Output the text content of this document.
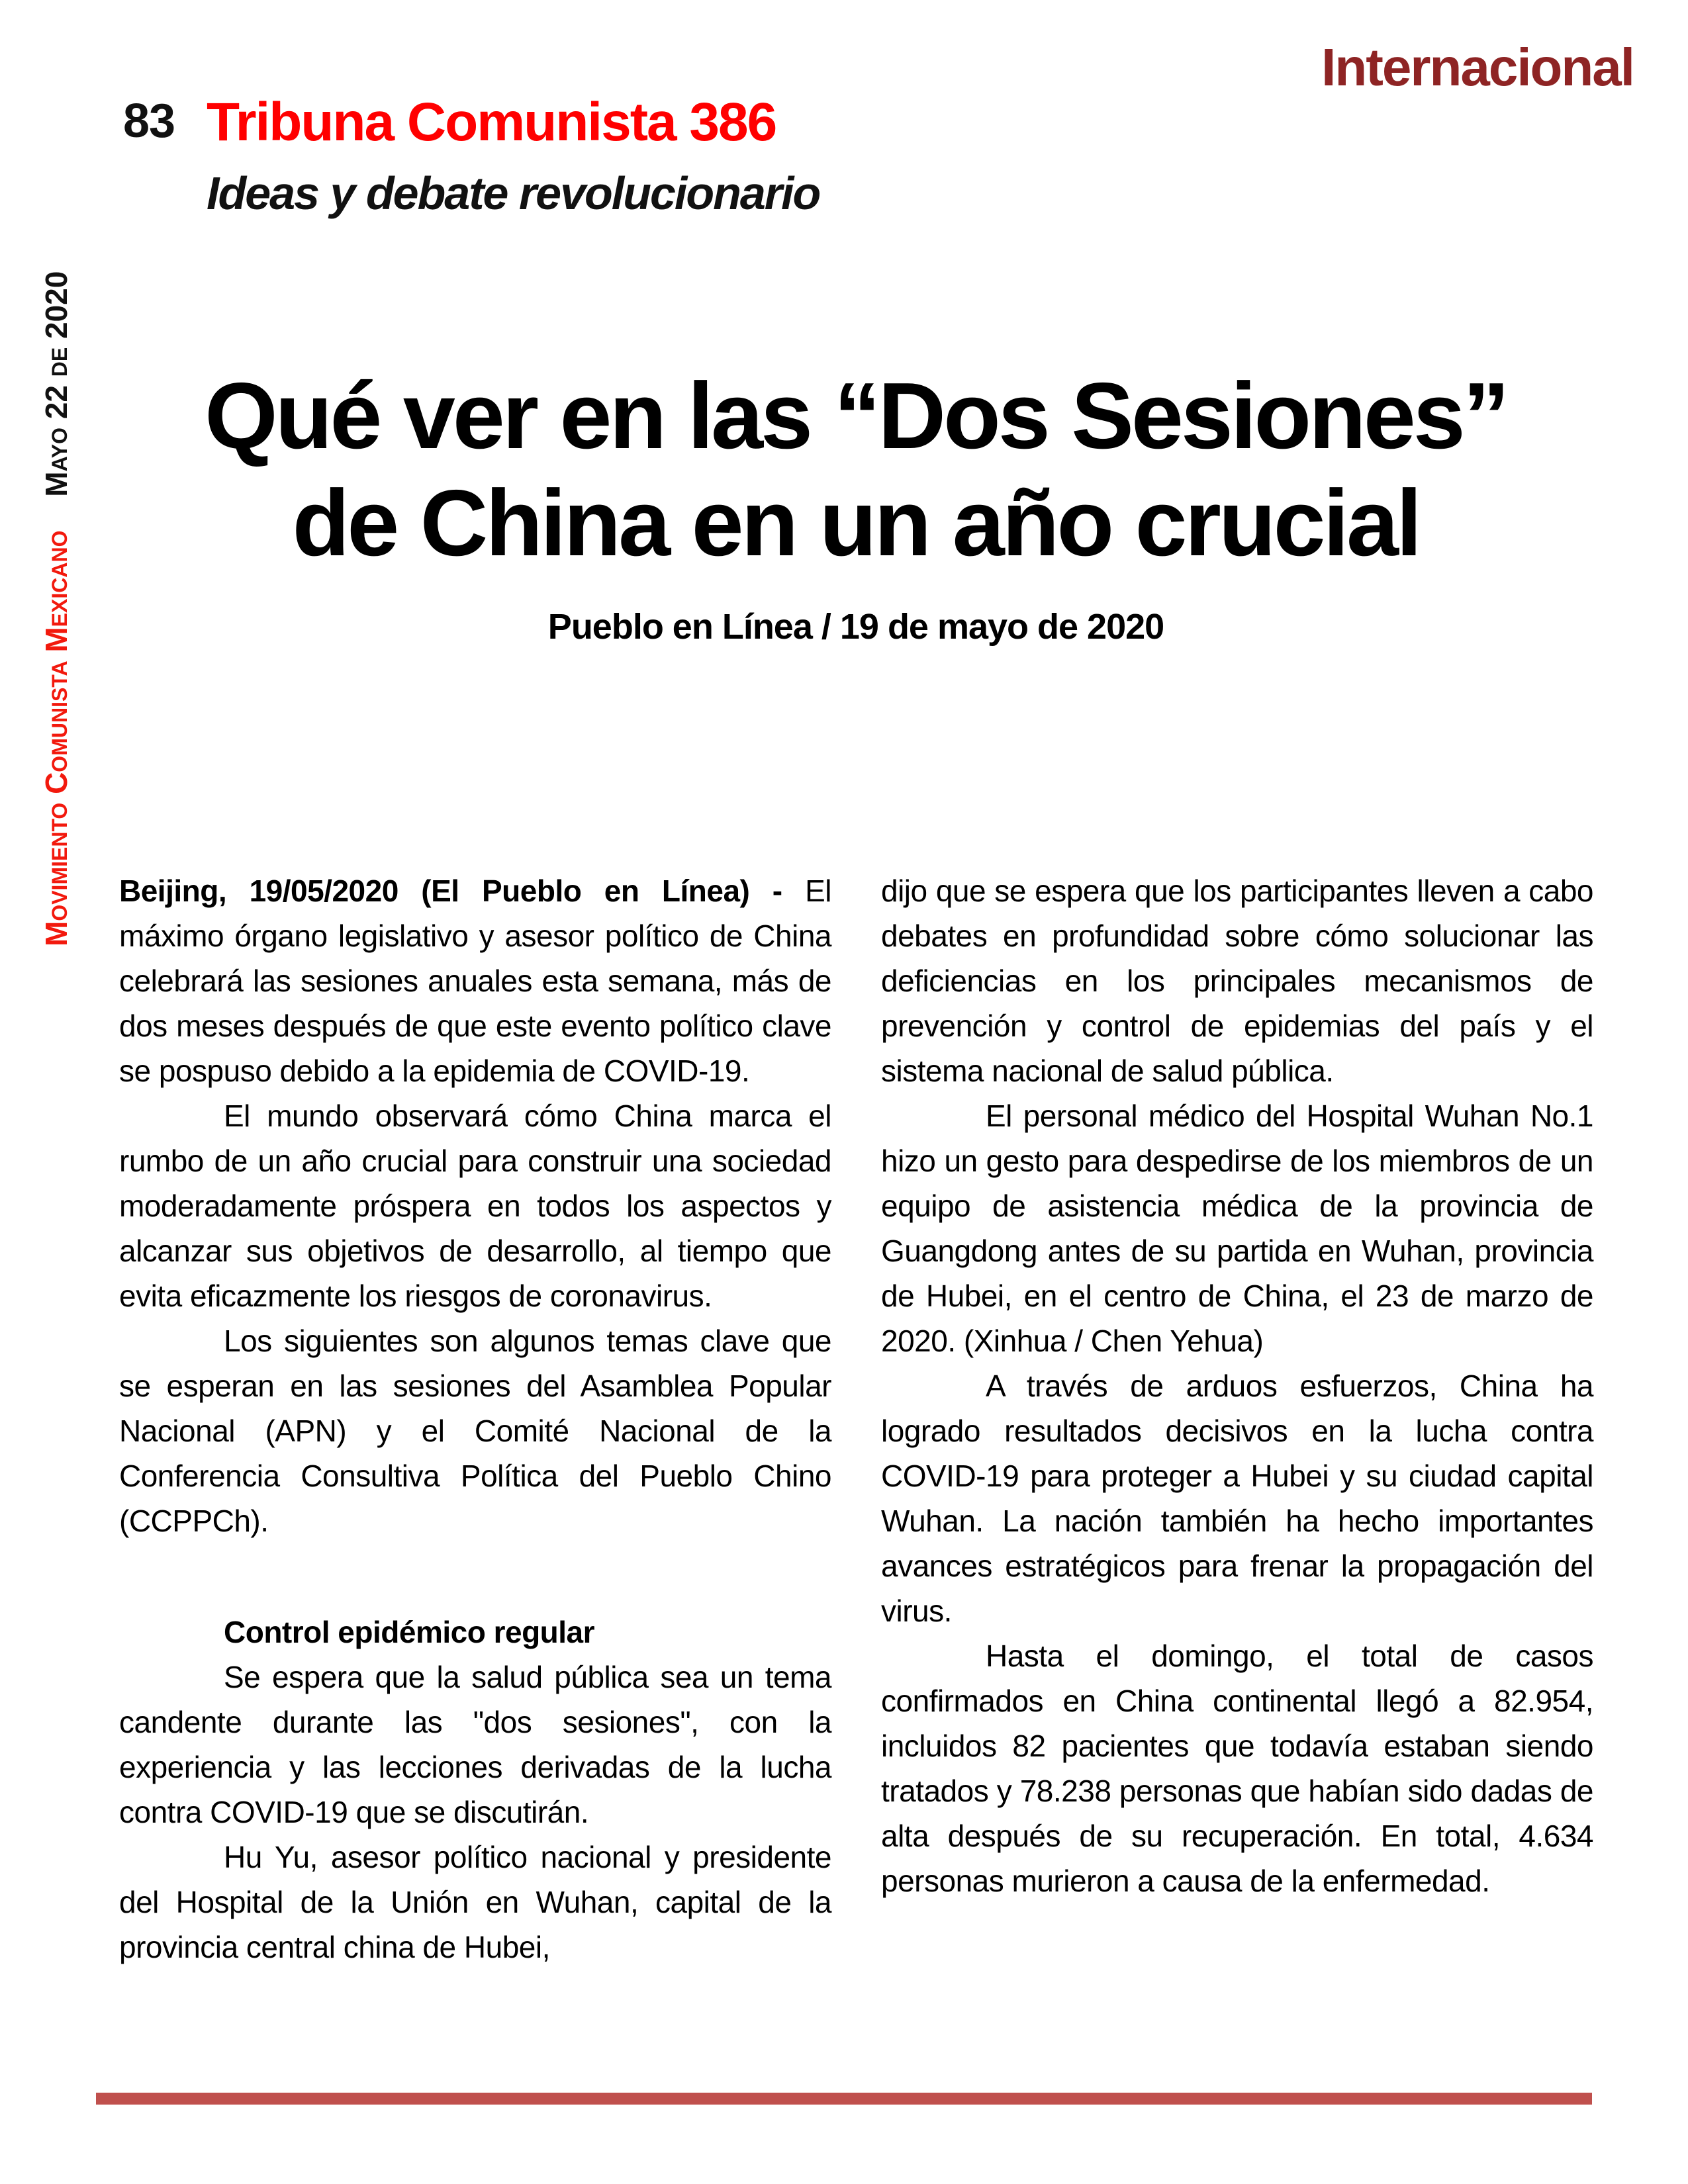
83 Tribuna Comunista 386
Ideas y debate revolucionario
Internacional
Movimiento Comunista Mexicano Mayo 22 de 2020	Qué ver en las “Dos Sesiones”
de China en un año crucial
Pueblo en Línea / 19 de mayo de 2020

Beijing, 19/05/2020 (El Pueblo en Línea) - El máximo órgano legislativo y asesor político de China celebrará las sesiones anuales esta semana, más de dos meses después de que este evento político clave se pospuso debido a la epidemia de COVID-19.

El mundo observará cómo China marca el rumbo de un año crucial para construir una sociedad moderadamente próspera en todos los aspectos y alcanzar sus objetivos de desarrollo, al tiempo que evita eficazmente los riesgos de coronavirus.

Los siguientes son algunos temas clave que se esperan en las sesiones del Asamblea Popular Nacional (APN) y el Comité Nacional de la Conferencia Consultiva Política del Pueblo Chino (CCPPCh).

Control epidémico regular

Se espera que la salud pública sea un tema candente durante las "dos sesiones", con la experiencia y las lecciones derivadas de la lucha contra COVID-19 que se discutirán.

Hu Yu, asesor político nacional y presidente del Hospital de la Unión en Wuhan, capital de la provincia central china de Hubei,

dijo que se espera que los participantes lleven a cabo debates en profundidad sobre cómo solucionar las deficiencias en los principales mecanismos de prevención y control de epidemias del país y el sistema nacional de salud pública.

El personal médico del Hospital Wuhan No.1 hizo un gesto para despedirse de los miembros de un equipo de asistencia médica de la provincia de Guangdong antes de su partida en Wuhan, provincia de Hubei, en el centro de China, el 23 de marzo de 2020. (Xinhua / Chen Yehua)

A través de arduos esfuerzos, China ha logrado resultados decisivos en la lucha contra COVID-19 para proteger a Hubei y su ciudad capital Wuhan. La nación también ha hecho importantes avances estratégicos para frenar la propagación del virus.

Hasta el domingo, el total de casos confirmados en China continental llegó a 82.954, incluidos 82 pacientes que todavía estaban siendo tratados y 78.238 personas que habían sido dadas de alta después de su recuperación. En total, 4.634 personas murieron a causa de la enfermedad.
